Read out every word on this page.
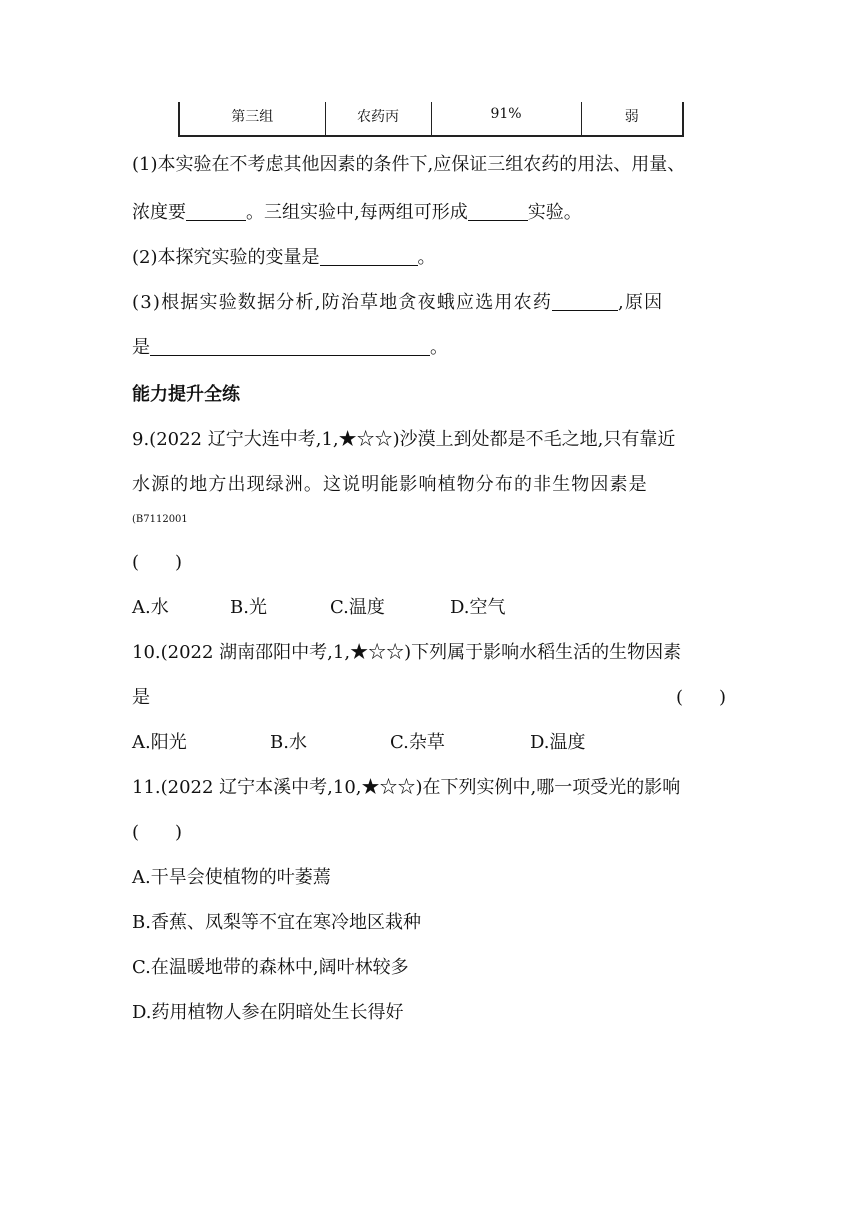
第三组	农药丙	91%	弱
(1)本实验在不考虑其他因素的条件下,应保证三组农药的用法、用量、
浓度要	。三组实验中,每两组可形成	实验。
(2)本探究实验的变量是	。
(3)根据实验数据分析,防治草地贪夜蛾应选用农药	,原因
是	。
能力提升全练
9.(2022 辽宁大连中考,1,★☆☆)沙漠上到处都是不毛之地,只有靠近
水源的地方出现绿洲。这说明能影响植物分布的非生物因素是
(B7112001
(　　)
A.水	B.光	C.温度	D.空气
10.(2022 湖南邵阳中考,1,★☆☆)下列属于影响水稻生活的生物因素
是	(　　)
A.阳光	B.水	C.杂草	D.温度
11.(2022 辽宁本溪中考,10,★☆☆)在下列实例中,哪一项受光的影响
(　　)
A.干旱会使植物的叶萎蔫
B.香蕉、凤梨等不宜在寒冷地区栽种
C.在温暖地带的森林中,阔叶林较多
D.药用植物人参在阴暗处生长得好
